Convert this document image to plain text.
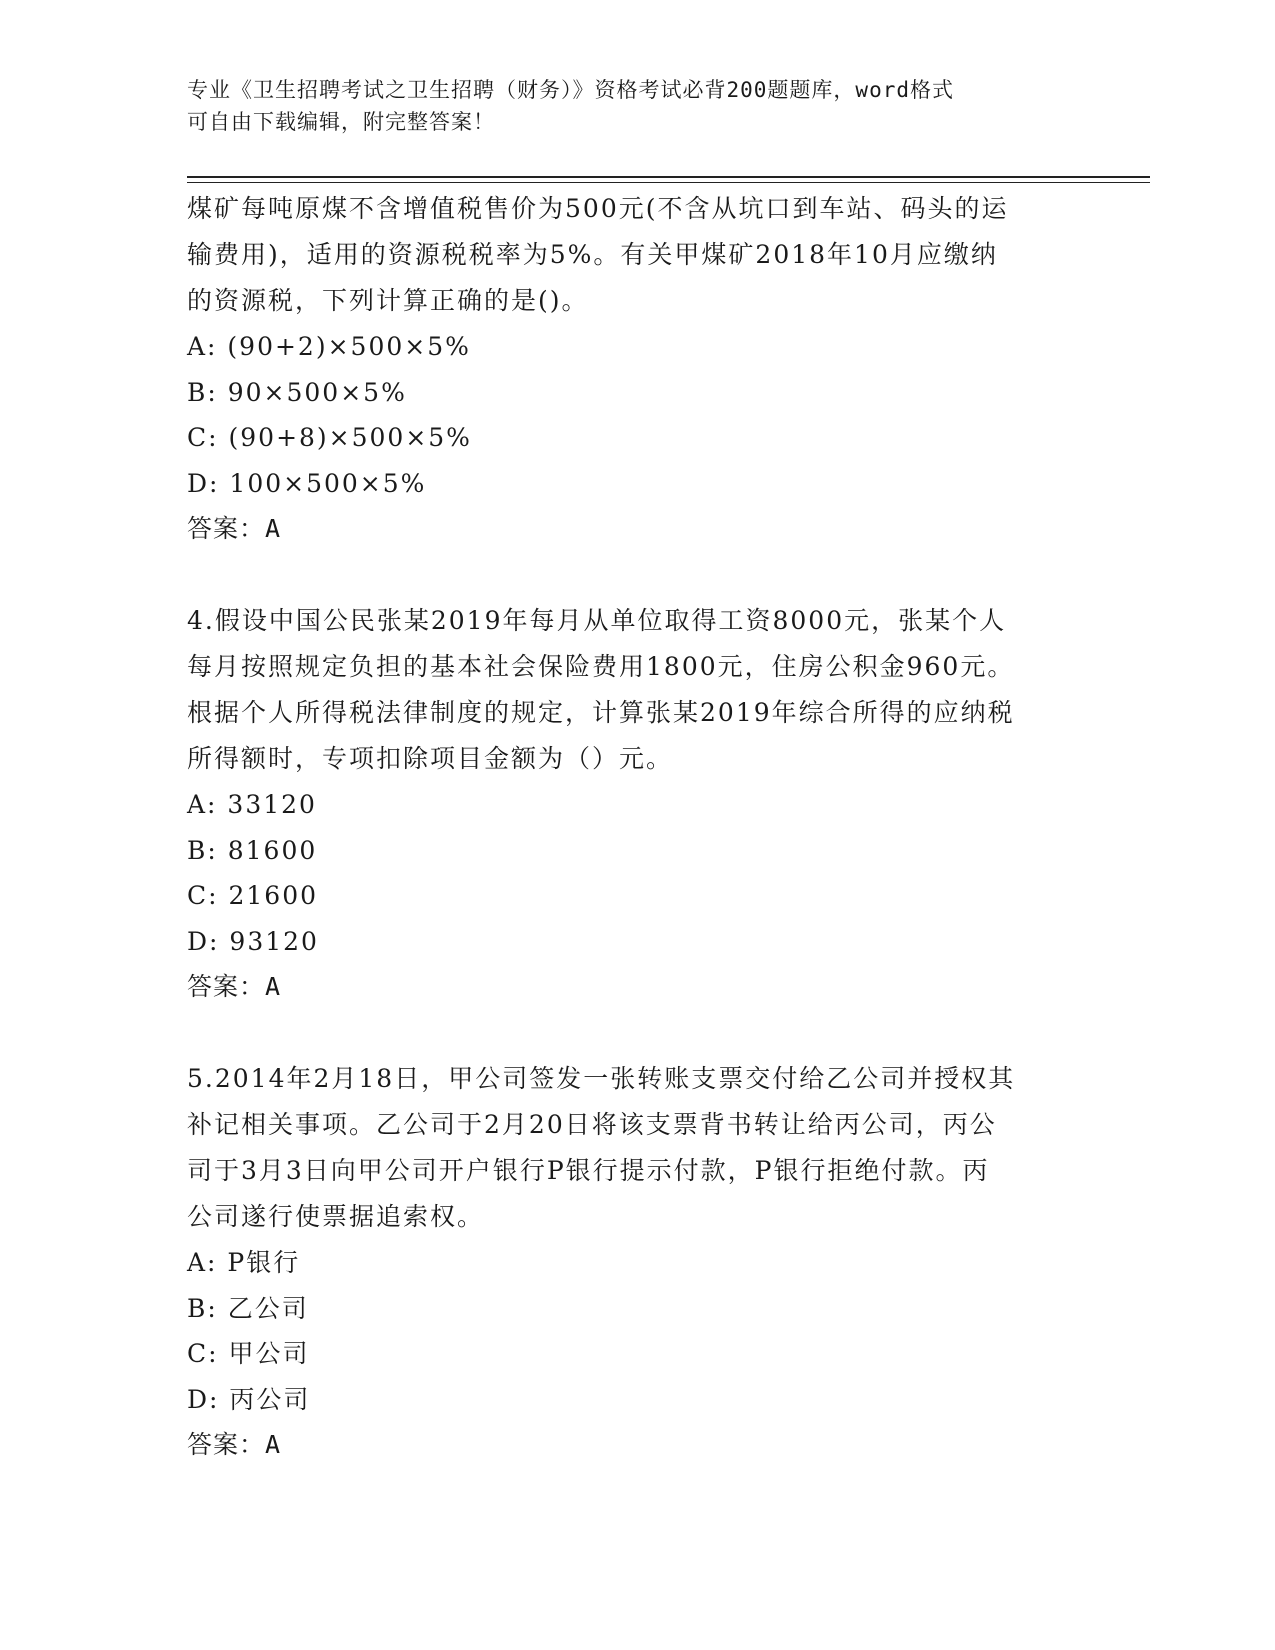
专业《卫生招聘考试之卫生招聘（财务）》资格考试必背200题题库，word格式
可自由下载编辑，附完整答案！
煤矿每吨原煤不含增值税售价为500元(不含从坑口到车站、码头的运
输费用)，适用的资源税税率为5%。有关甲煤矿2018年10月应缴纳
的资源税，下列计算正确的是()。
A: (90+2)×500×5%
B: 90×500×5%
C: (90+8)×500×5%
D: 100×500×5%
答案：A
4.假设中国公民张某2019年每月从单位取得工资8000元，张某个人
每月按照规定负担的基本社会保险费用1800元，住房公积金960元。
根据个人所得税法律制度的规定，计算张某2019年综合所得的应纳税
所得额时，专项扣除项目金额为（）元。
A: 33120
B: 81600
C: 21600
D: 93120
答案：A
5.2014年2月18日，甲公司签发一张转账支票交付给乙公司并授权其
补记相关事项。乙公司于2月20日将该支票背书转让给丙公司，丙公
司于3月3日向甲公司开户银行P银行提示付款，P银行拒绝付款。丙
公司遂行使票据追索权。
A: P银行
B: 乙公司
C: 甲公司
D: 丙公司
答案：A
